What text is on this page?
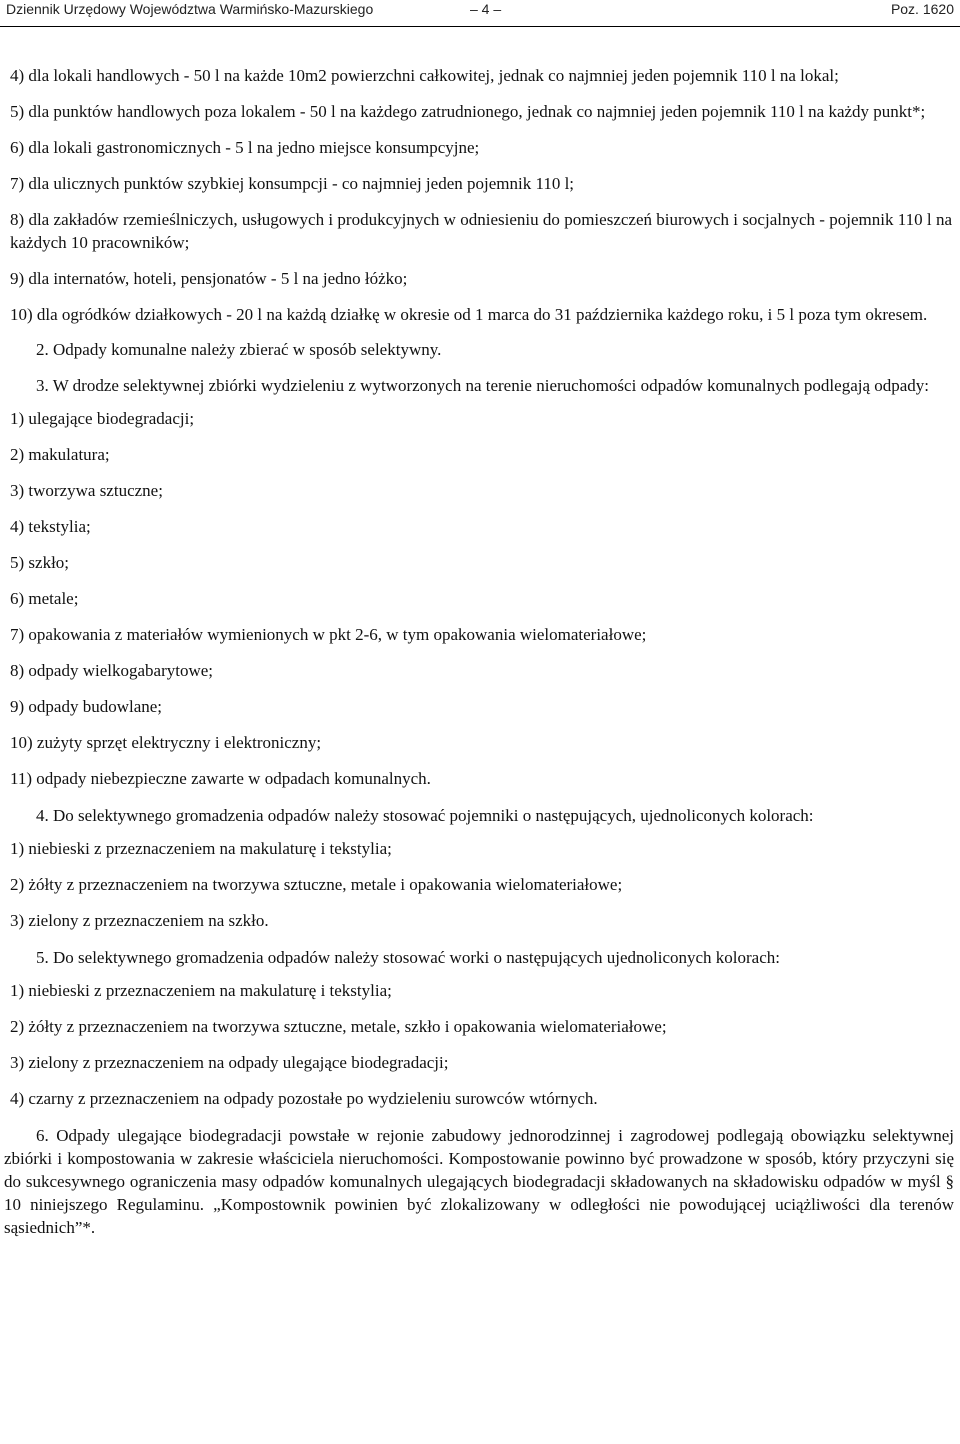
Dziennik Urzędowy Województwa Warmińsko-Mazurskiego	– 4 –	Poz. 1620

4) dla lokali handlowych - 50 l na każde 10m2 powierzchni całkowitej, jednak co najmniej jeden pojemnik 110 l na lokal;

5) dla punktów handlowych poza lokalem - 50 l na każdego zatrudnionego, jednak co najmniej jeden pojemnik 110 l na każdy punkt*;

6) dla lokali gastronomicznych - 5 l na jedno miejsce konsumpcyjne;

7) dla ulicznych punktów szybkiej konsumpcji - co najmniej jeden pojemnik 110 l;

8) dla zakładów rzemieślniczych, usługowych i produkcyjnych w odniesieniu do pomieszczeń biurowych i socjalnych - pojemnik 110 l na każdych 10 pracowników;

9) dla internatów, hoteli, pensjonatów - 5 l na jedno łóżko;

10) dla ogródków działkowych - 20 l na każdą działkę w okresie od 1 marca do 31 października każdego roku, i 5 l poza tym okresem.

2. Odpady komunalne należy zbierać w sposób selektywny.

3. W drodze selektywnej zbiórki wydzieleniu z wytworzonych na terenie nieruchomości odpadów komunalnych podlegają odpady:

1) ulegające biodegradacji;

2) makulatura;

3) tworzywa sztuczne;

4) tekstylia;

5) szkło;

6) metale;

7) opakowania z materiałów wymienionych w pkt 2-6, w tym opakowania wielomateriałowe;

8) odpady wielkogabarytowe;

9) odpady budowlane;

10) zużyty sprzęt elektryczny i elektroniczny;

11) odpady niebezpieczne zawarte w odpadach komunalnych.

4. Do selektywnego gromadzenia odpadów należy stosować pojemniki o następujących, ujednoliconych kolorach:

1) niebieski z przeznaczeniem na makulaturę i tekstylia;

2) żółty z przeznaczeniem na tworzywa sztuczne, metale i opakowania wielomateriałowe;

3) zielony z przeznaczeniem na szkło.

5. Do selektywnego gromadzenia odpadów należy stosować worki o następujących ujednoliconych kolorach:

1) niebieski z przeznaczeniem na makulaturę i tekstylia;

2) żółty z przeznaczeniem na tworzywa sztuczne, metale, szkło i opakowania wielomateriałowe;

3) zielony z przeznaczeniem na odpady ulegające biodegradacji;

4) czarny z przeznaczeniem na odpady pozostałe po wydzieleniu surowców wtórnych.

6. Odpady ulegające biodegradacji powstałe w rejonie zabudowy jednorodzinnej i zagrodowej podlegają obowiązku selektywnej zbiórki i kompostowania w zakresie właściciela nieruchomości. Kompostowanie powinno być prowadzone w sposób, który przyczyni się do sukcesywnego ograniczenia masy odpadów komunalnych ulegających biodegradacji składowanych na składowisku odpadów w myśl § 10 niniejszego Regulaminu. „Kompostownik powinien być zlokalizowany w odległości nie powodującej uciążliwości dla terenów sąsiednich”*.
